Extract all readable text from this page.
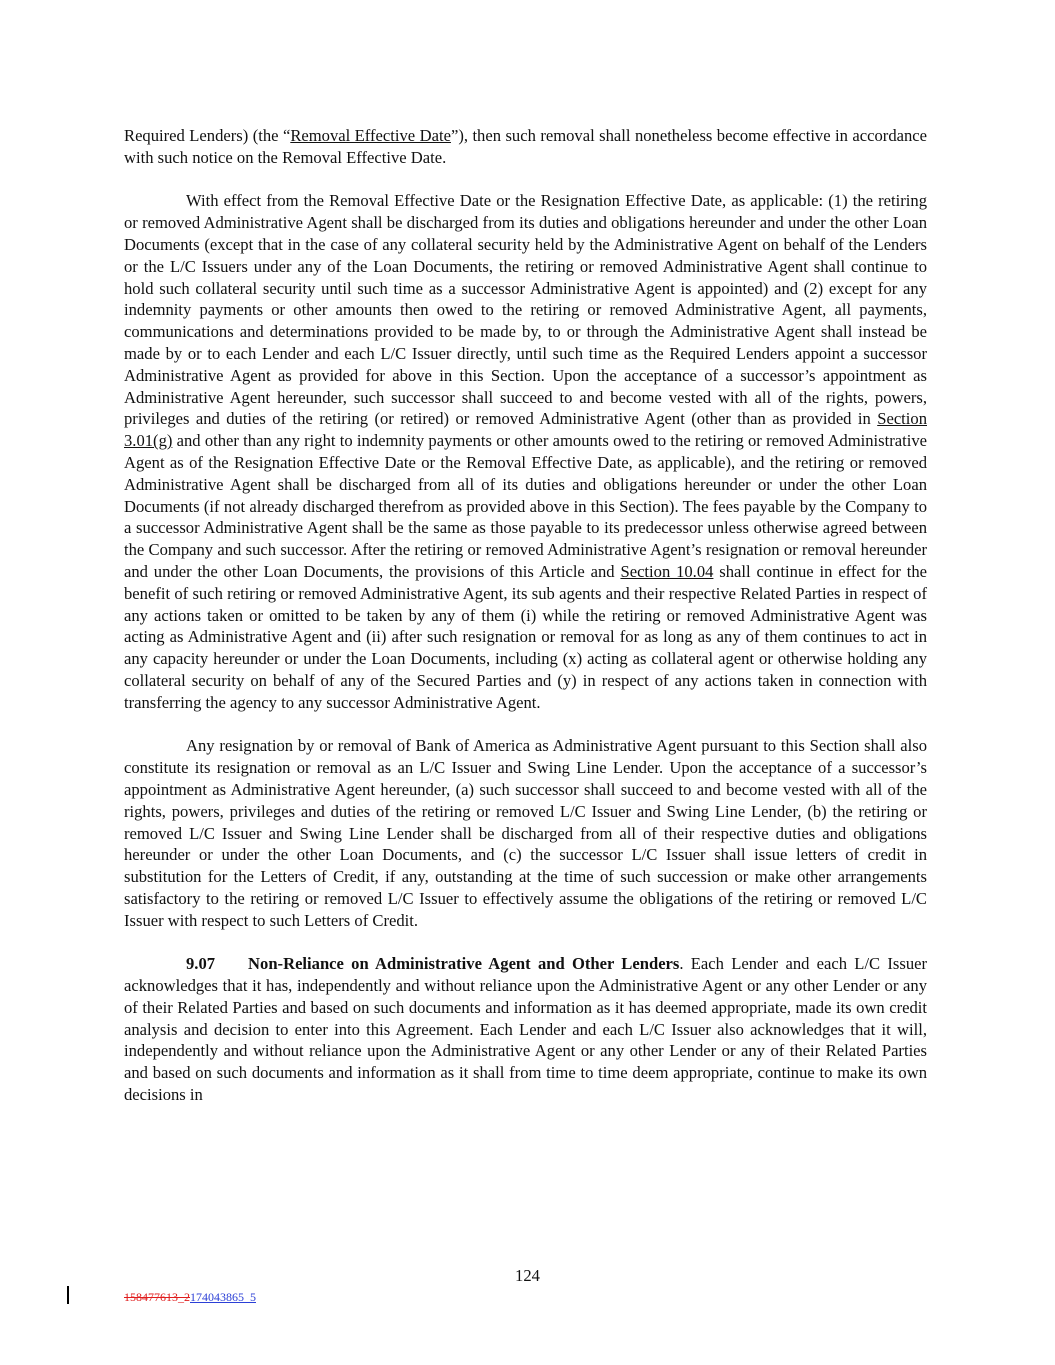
Required Lenders) (the “Removal Effective Date”), then such removal shall nonetheless become effective in accordance with such notice on the Removal Effective Date.

With effect from the Removal Effective Date or the Resignation Effective Date, as applicable: (1) the retiring or removed Administrative Agent shall be discharged from its duties and obligations hereunder and under the other Loan Documents (except that in the case of any collateral security held by the Administrative Agent on behalf of the Lenders or the L/C Issuers under any of the Loan Documents, the retiring or removed Administrative Agent shall continue to hold such collateral security until such time as a successor Administrative Agent is appointed) and (2) except for any indemnity payments or other amounts then owed to the retiring or removed Administrative Agent, all payments, communications and determinations provided to be made by, to or through the Administrative Agent shall instead be made by or to each Lender and each L/C Issuer directly, until such time as the Required Lenders appoint a successor Administrative Agent as provided for above in this Section. Upon the acceptance of a successor’s appointment as Administrative Agent hereunder, such successor shall succeed to and become vested with all of the rights, powers, privileges and duties of the retiring (or retired) or removed Administrative Agent (other than as provided in Section 3.01(g) and other than any right to indemnity payments or other amounts owed to the retiring or removed Administrative Agent as of the Resignation Effective Date or the Removal Effective Date, as applicable), and the retiring or removed Administrative Agent shall be discharged from all of its duties and obligations hereunder or under the other Loan Documents (if not already discharged therefrom as provided above in this Section). The fees payable by the Company to a successor Administrative Agent shall be the same as those payable to its predecessor unless otherwise agreed between the Company and such successor. After the retiring or removed Administrative Agent’s resignation or removal hereunder and under the other Loan Documents, the provisions of this Article and Section 10.04 shall continue in effect for the benefit of such retiring or removed Administrative Agent, its sub agents and their respective Related Parties in respect of any actions taken or omitted to be taken by any of them (i) while the retiring or removed Administrative Agent was acting as Administrative Agent and (ii) after such resignation or removal for as long as any of them continues to act in any capacity hereunder or under the Loan Documents, including (x) acting as collateral agent or otherwise holding any collateral security on behalf of any of the Secured Parties and (y) in respect of any actions taken in connection with transferring the agency to any successor Administrative Agent.

Any resignation by or removal of Bank of America as Administrative Agent pursuant to this Section shall also constitute its resignation or removal as an L/C Issuer and Swing Line Lender. Upon the acceptance of a successor’s appointment as Administrative Agent hereunder, (a) such successor shall succeed to and become vested with all of the rights, powers, privileges and duties of the retiring or removed L/C Issuer and Swing Line Lender, (b) the retiring or removed L/C Issuer and Swing Line Lender shall be discharged from all of their respective duties and obligations hereunder or under the other Loan Documents, and (c) the successor L/C Issuer shall issue letters of credit in substitution for the Letters of Credit, if any, outstanding at the time of such succession or make other arrangements satisfactory to the retiring or removed L/C Issuer to effectively assume the obligations of the retiring or removed L/C Issuer with respect to such Letters of Credit.

9.07 Non-Reliance on Administrative Agent and Other Lenders. Each Lender and each L/C Issuer acknowledges that it has, independently and without reliance upon the Administrative Agent or any other Lender or any of their Related Parties and based on such documents and information as it has deemed appropriate, made its own credit analysis and decision to enter into this Agreement. Each Lender and each L/C Issuer also acknowledges that it will, independently and without reliance upon the Administrative Agent or any other Lender or any of their Related Parties and based on such documents and information as it shall from time to time deem appropriate, continue to make its own decisions in

124
158477613_2174043865_5
